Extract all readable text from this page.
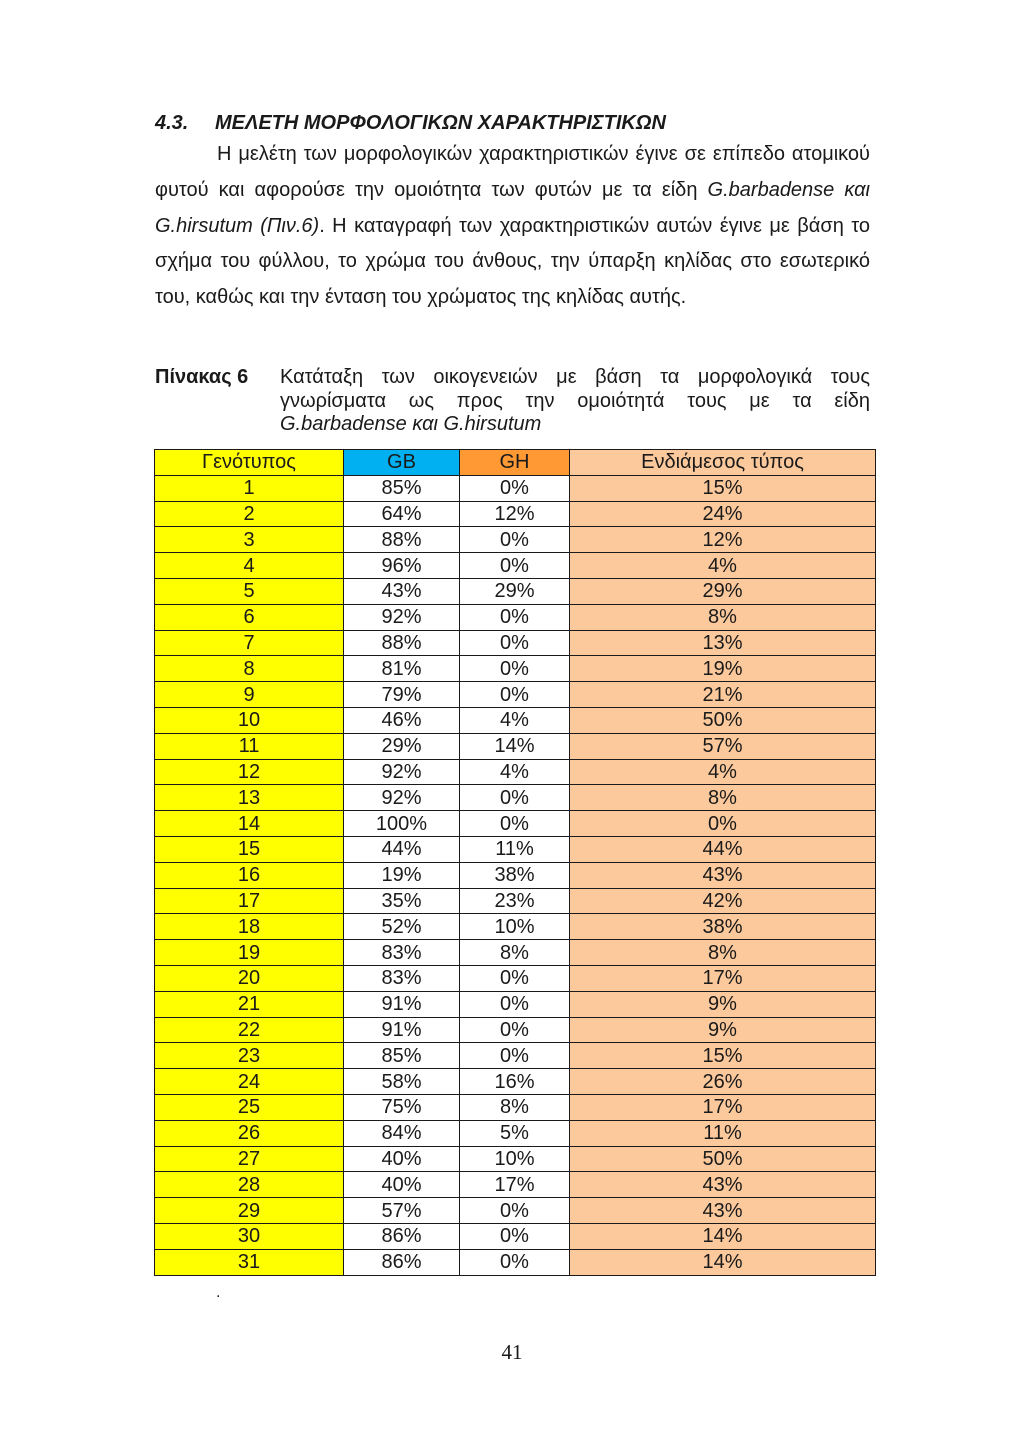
4.3. ΜΕΛΕΤΗ ΜΟΡΦΟΛΟΓΙΚΩΝ ΧΑΡΑΚΤΗΡΙΣΤΙΚΩΝ
Η μελέτη των μορφολογικών χαρακτηριστικών έγινε σε επίπεδο ατομικού φυτού και αφορούσε την ομοιότητα των φυτών με τα είδη G.barbadense και G.hirsutum (Πιν.6). Η καταγραφή των χαρακτηριστικών αυτών έγινε με βάση το σχήμα του φύλλου, το χρώμα του άνθους, την ύπαρξη κηλίδας στο εσωτερικό του, καθώς και την ένταση του χρώματος της κηλίδας αυτής.
Πίνακας 6 Κατάταξη των οικογενειών με βάση τα μορφολογικά τους γνωρίσματα ως προς την ομοιότητά τους με τα είδη
G.barbadense και G.hirsutum
Γενότυπος	GB	GH	Ενδιάμεσος τύπος
1	85%	0%	15%
2	64%	12%	24%
3	88%	0%	12%
4	96%	0%	4%
5	43%	29%	29%
6	92%	0%	8%
7	88%	0%	13%
8	81%	0%	19%
9	79%	0%	21%
10	46%	4%	50%
11	29%	14%	57%
12	92%	4%	4%
13	92%	0%	8%
14	100%	0%	0%
15	44%	11%	44%
16	19%	38%	43%
17	35%	23%	42%
18	52%	10%	38%
19	83%	8%	8%
20	83%	0%	17%
21	91%	0%	9%
22	91%	0%	9%
23	85%	0%	15%
24	58%	16%	26%
25	75%	8%	17%
26	84%	5%	11%
27	40%	10%	50%
28	40%	17%	43%
29	57%	0%	43%
30	86%	0%	14%
31	86%	0%	14%
.
41
